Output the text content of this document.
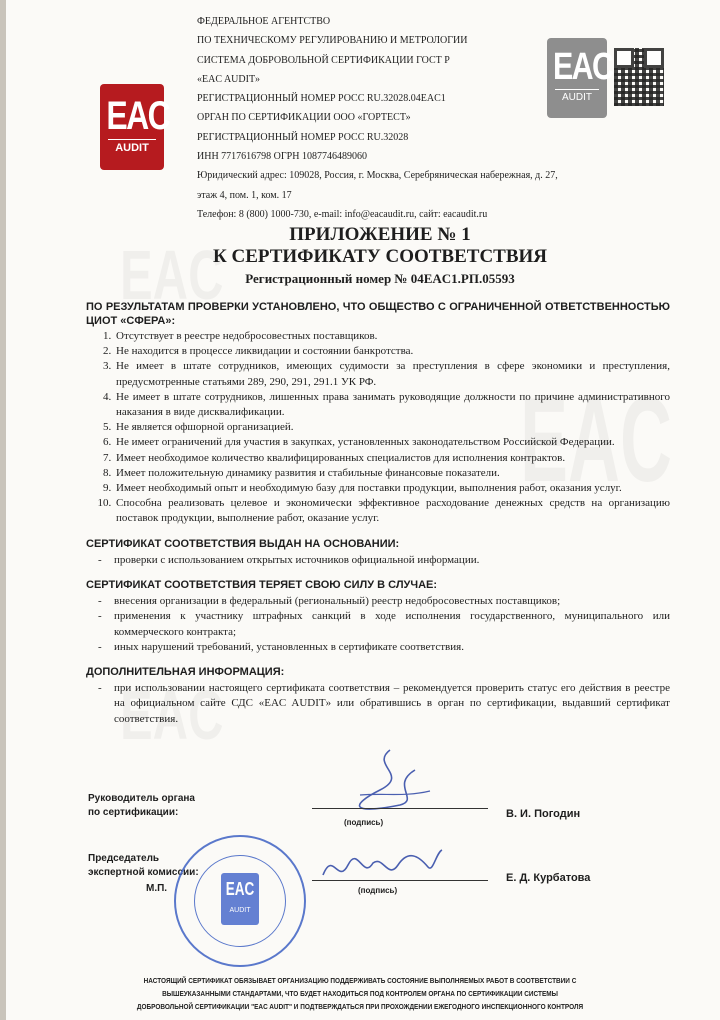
EAC
AUDIT
EAC
AUDIT
ФЕДЕРАЛЬНОЕ АГЕНТСТВО
ПО ТЕХНИЧЕСКОМУ РЕГУЛИРОВАНИЮ И МЕТРОЛОГИИ
СИСТЕМА ДОБРОВОЛЬНОЙ СЕРТИФИКАЦИИ ГОСТ Р
«EAC AUDIT»
РЕГИСТРАЦИОННЫЙ НОМЕР РОСС RU.32028.04EAC1
ОРГАН ПО СЕРТИФИКАЦИИ ООО «ГОРТЕСТ»
РЕГИСТРАЦИОННЫЙ НОМЕР РОСС RU.32028
ИНН 7717616798 ОГРН 1087746489060
Юридический адрес: 109028, Россия, г. Москва, Серебряническая набережная, д. 27,
этаж 4, пом. 1, ком. 17
Телефон: 8 (800) 1000-730, e-mail: info@eacaudit.ru, сайт: eacaudit.ru
ПРИЛОЖЕНИЕ № 1
К СЕРТИФИКАТУ СООТВЕТСТВИЯ
Регистрационный номер № 04EAC1.РП.05593

ПО РЕЗУЛЬТАТАМ ПРОВЕРКИ УСТАНОВЛЕНО, ЧТО ОБЩЕСТВО С ОГРАНИЧЕННОЙ ОТВЕТСТВЕННОСТЬЮ ЦИОТ «СФЕРА»:

1. Отсутствует в реестре недобросовестных поставщиков.
2. Не находится в процессе ликвидации и состоянии банкротства.
3. Не имеет в штате сотрудников, имеющих судимости за преступления в сфере экономики и преступления, предусмотренные статьями 289, 290, 291, 291.1 УК РФ.
4. Не имеет в штате сотрудников, лишенных права занимать руководящие должности по причине административного наказания в виде дисквалификации.
5. Не является офшорной организацией.
6. Не имеет ограничений для участия в закупках, установленных законодательством Российской Федерации.
7. Имеет необходимое количество квалифицированных специалистов для исполнения контрактов.
8. Имеет положительную динамику развития и стабильные финансовые показатели.
9. Имеет необходимый опыт и необходимую базу для поставки продукции, выполнения работ, оказания услуг.
10. Способна реализовать целевое и экономически эффективное расходование денежных средств на организацию поставок продукции, выполнение работ, оказание услуг.
СЕРТИФИКАТ СООТВЕТСТВИЯ ВЫДАН НА ОСНОВАНИИ:
- проверки с использованием открытых источников официальной информации.
СЕРТИФИКАТ СООТВЕТСТВИЯ ТЕРЯЕТ СВОЮ СИЛУ В СЛУЧАЕ:
- внесения организации в федеральный (региональный) реестр недобросовестных поставщиков;
- применения к участнику штрафных санкций в ходе исполнения государственного, муниципального или коммерческого контракта;
- иных нарушений требований, установленных в сертификате соответствия.
ДОПОЛНИТЕЛЬНАЯ ИНФОРМАЦИЯ:
- при использовании настоящего сертификата соответствия – рекомендуется проверить статус его действия в реестре на официальном сайте СДС «EAC AUDIT» или обратившись в орган по сертификации, выдавший сертификат соответствия.
Руководитель органа
по сертификации:
Председатель
экспертной комиссии:
М.П.
(подпись)
(подпись)
В. И. Погодин
Е. Д. Курбатова
EAC AUDIT
НАСТОЯЩИЙ СЕРТИФИКАТ ОБЯЗЫВАЕТ ОРГАНИЗАЦИЮ ПОДДЕРЖИВАТЬ СОСТОЯНИЕ ВЫПОЛНЯЕМЫХ РАБОТ В СООТВЕТСТВИИ С
ВЫШЕУКАЗАННЫМИ СТАНДАРТАМИ, ЧТО БУДЕТ НАХОДИТЬСЯ ПОД КОНТРОЛЕМ ОРГАНА ПО СЕРТИФИКАЦИИ СИСТЕМЫ
ДОБРОВОЛЬНОЙ СЕРТИФИКАЦИИ "EAC AUDIT" И ПОДТВЕРЖДАТЬСЯ ПРИ ПРОХОЖДЕНИИ ЕЖЕГОДНОГО ИНСПЕКЦИОННОГО КОНТРОЛЯ
